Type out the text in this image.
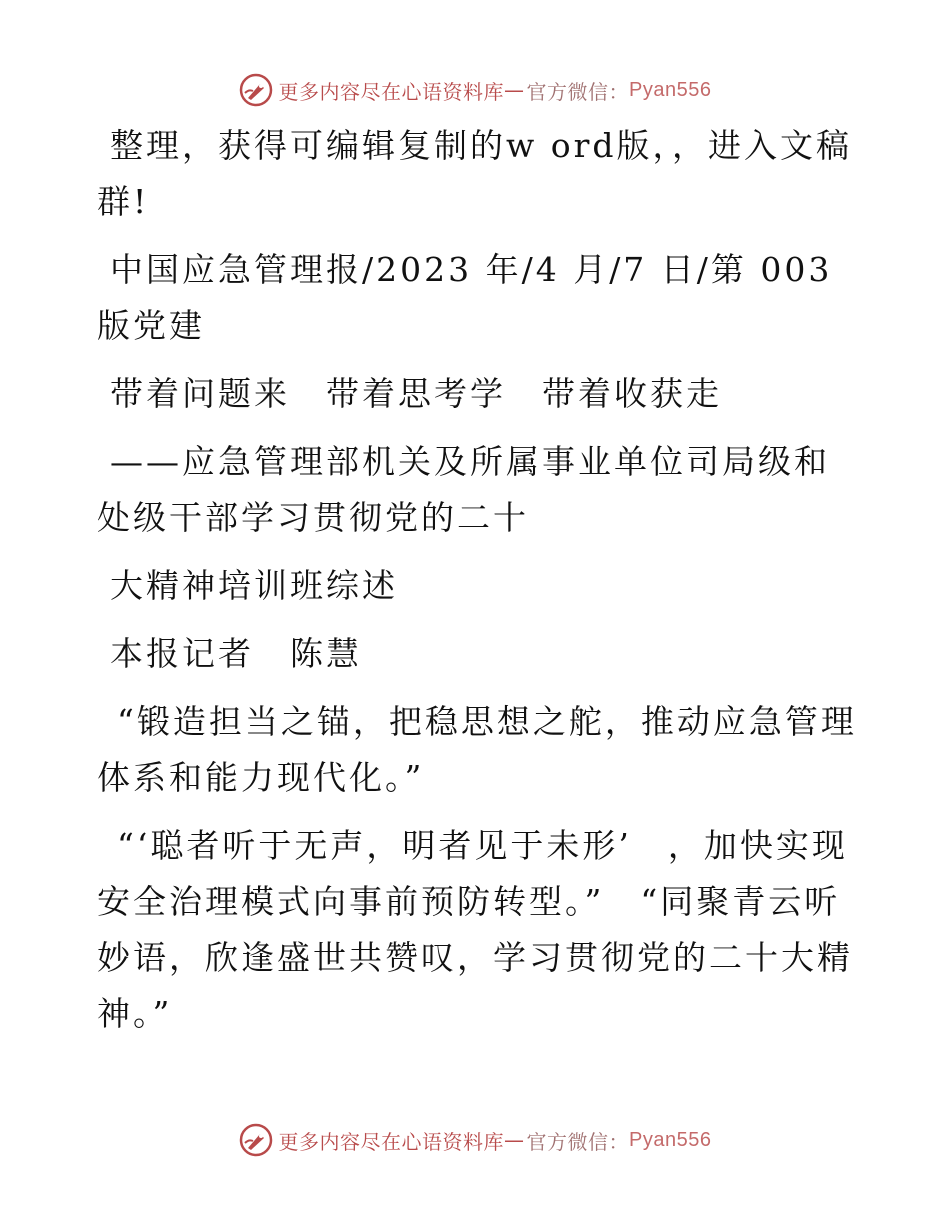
更多内容尽在心语资料库 — 官方微信： Pyan556

整理，获得可编辑复制的w ord版，，进入文稿群!

中国应急管理报/2023 年/4 月/7 日/第 003 版党建

带着问题来　带着思考学　带着收获走

——应急管理部机关及所属事业单位司局级和处级干部学习贯彻党的二十

大精神培训班综述

本报记者　陈慧

“锻造担当之锚，把稳思想之舵，推动应急管理体系和能力现代化。”

“‘聪者听于无声，明者见于未形’　，加快实现安全治理模式向事前预防转型。”　“同聚青云听妙语，欣逢盛世共赞叹，学习贯彻党的二十大精神。”

更多内容尽在心语资料库 — 官方微信： Pyan556
